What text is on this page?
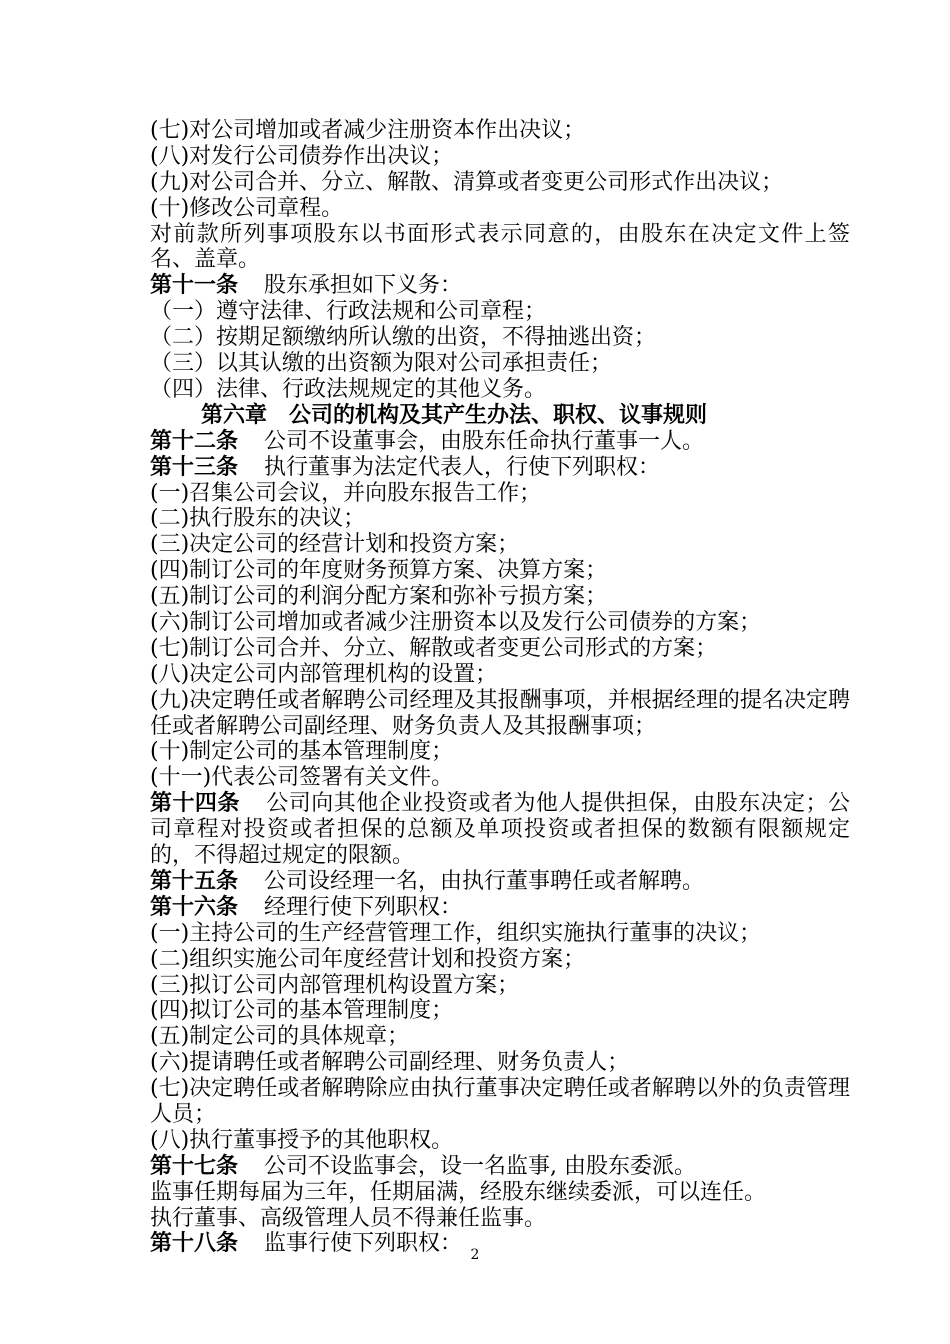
(七)对公司增加或者减少注册资本作出决议；
(八)对发行公司债券作出决议；
(九)对公司合并、分立、解散、清算或者变更公司形式作出决议；
(十)修改公司章程。
对前款所列事项股东以书面形式表示同意的，由股东在决定文件上签名、盖章。
第十一条 股东承担如下义务：
（一）遵守法律、行政法规和公司章程；
（二）按期足额缴纳所认缴的出资，不得抽逃出资；
（三）以其认缴的出资额为限对公司承担责任；
（四）法律、行政法规规定的其他义务。
第六章　公司的机构及其产生办法、职权、议事规则
第十二条 公司不设董事会，由股东任命执行董事一人。
第十三条 执行董事为法定代表人，行使下列职权：
(一)召集公司会议，并向股东报告工作；
(二)执行股东的决议；
(三)决定公司的经营计划和投资方案；
(四)制订公司的年度财务预算方案、决算方案；
(五)制订公司的利润分配方案和弥补亏损方案；
(六)制订公司增加或者减少注册资本以及发行公司债券的方案；
(七)制订公司合并、分立、解散或者变更公司形式的方案；
(八)决定公司内部管理机构的设置；
(九)决定聘任或者解聘公司经理及其报酬事项，并根据经理的提名决定聘任或者解聘公司副经理、财务负责人及其报酬事项；
(十)制定公司的基本管理制度；
(十一)代表公司签署有关文件。
第十四条 公司向其他企业投资或者为他人提供担保，由股东决定；公司章程对投资或者担保的总额及单项投资或者担保的数额有限额规定的，不得超过规定的限额。
第十五条 公司设经理一名，由执行董事聘任或者解聘。
第十六条 经理行使下列职权：
(一)主持公司的生产经营管理工作，组织实施执行董事的决议；
(二)组织实施公司年度经营计划和投资方案；
(三)拟订公司内部管理机构设置方案；
(四)拟订公司的基本管理制度；
(五)制定公司的具体规章；
(六)提请聘任或者解聘公司副经理、财务负责人；
(七)决定聘任或者解聘除应由执行董事决定聘任或者解聘以外的负责管理人员；
(八)执行董事授予的其他职权。
第十七条 公司不设监事会，设一名监事, 由股东委派。
监事任期每届为三年，任期届满，经股东继续委派，可以连任。
执行董事、高级管理人员不得兼任监事。
第十八条 监事行使下列职权： 2
